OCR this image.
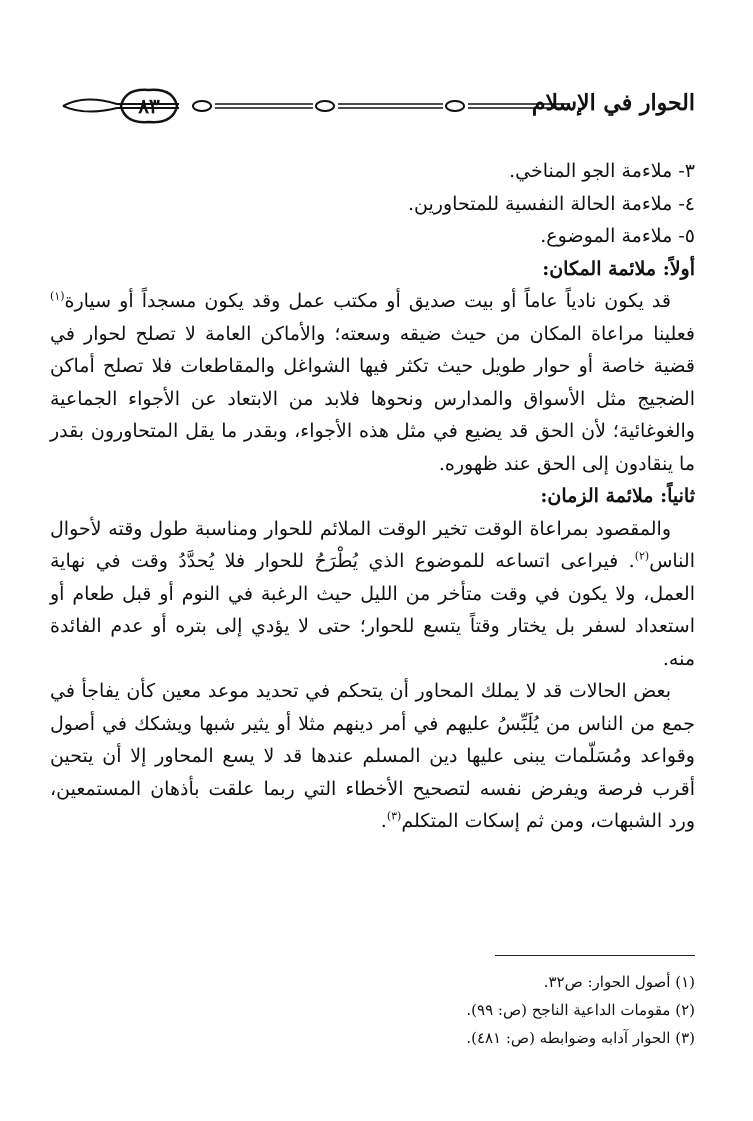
الحوار في الإسلام
٨٣
٣- ملاءمة الجو المناخي.
٤- ملاءمة الحالة النفسية للمتحاورين.
٥- ملاءمة الموضوع.
أولاً: ملائمة المكان:

قد يكون نادياً عاماً أو بيت صديق أو مكتب عمل وقد يكون مسجداً أو سيارة$^{(١)}$ فعلينا مراعاة المكان من حيث ضيقه وسعته؛ والأماكن العامة لا تصلح لحوار في قضية خاصة أو حوار طويل حيث تكثر فيها الشواغل والمقاطعات فلا تصلح أماكن الضجيج مثل الأسواق والمدارس ونحوها فلابد من الابتعاد عن الأجواء الجماعية والغوغائية؛ لأن الحق قد يضيع في مثل هذه الأجواء، وبقدر ما يقل المتحاورون بقدر ما ينقادون إلى الحق عند ظهوره.

ثانياً: ملائمة الزمان:

والمقصود بمراعاة الوقت تخير الوقت الملائم للحوار ومناسبة طول وقته لأحوال الناس$^{(٢)}$. فيراعى اتساعه للموضوع الذي يُطْرَحُ للحوار فلا يُحدَّدُ وقت في نهاية العمل، ولا يكون في وقت متأخر من الليل حيث الرغبة في النوم أو قبل طعام أو استعداد لسفر بل يختار وقتاً يتسع للحوار؛ حتى لا يؤدي إلى بتره أو عدم الفائدة منه.

بعض الحالات قد لا يملك المحاور أن يتحكم في تحديد موعد معين كأن يفاجأ في جمع من الناس من يُلَبِّسُ عليهم في أمر دينهم مثلا أو يثير شبها ويشكك في أصول وقواعد ومُسَلّمات يبنى عليها دين المسلم عندها قد لا يسع المحاور إلا أن يتحين أقرب فرصة ويفرض نفسه لتصحيح الأخطاء التي ربما علقت بأذهان المستمعين، ورد الشبهات، ومن ثم إسكات المتكلم$^{(٣)}$.

(١) أصول الحوار: ص٣٢.
(٢) مقومات الداعية الناجح (ص: ٩٩).
(٣) الحوار آدابه وضوابطه (ص: ٤٨١).
